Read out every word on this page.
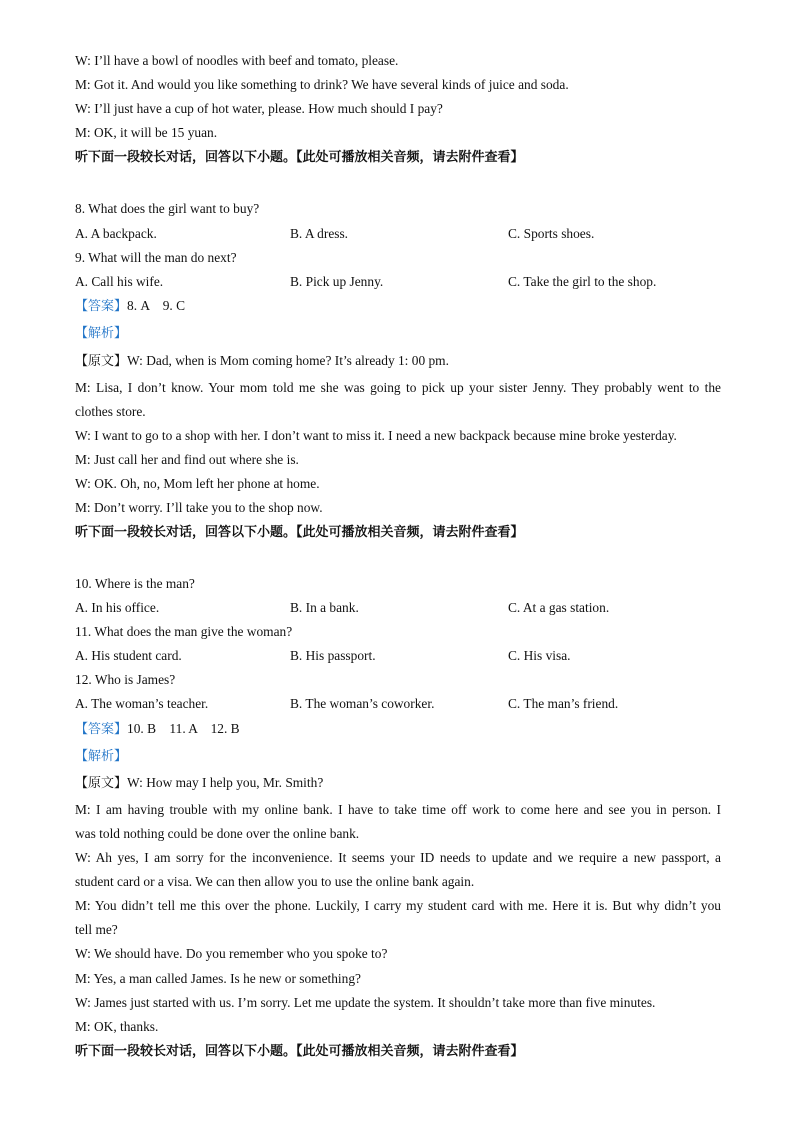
W: I’ll have a bowl of noodles with beef and tomato, please.
M: Got it. And would you like something to drink? We have several kinds of juice and soda.
W: I’ll just have a cup of hot water, please. How much should I pay?
M: OK, it will be 15 yuan.
听下面一段较长对话，回答以下小题。【此处可播放相关音频，请去附件查看】
8. What does the girl want to buy?
A. A backpack.	B. A dress.	C. Sports shoes.
9. What will the man do next?
A. Call his wife.	B. Pick up Jenny.	C. Take the girl to the shop.
【答案】8. A    9. C
【解析】
【原文】W: Dad, when is Mom coming home? It’s already 1: 00 pm.
M: Lisa, I don’t know. Your mom told me she was going to pick up your sister Jenny. They probably went to the
clothes store.
W: I want to go to a shop with her. I don’t want to miss it. I need a new backpack because mine broke yesterday.
M: Just call her and find out where she is.
W: OK. Oh, no, Mom left her phone at home.
M: Don’t worry. I’ll take you to the shop now.
听下面一段较长对话，回答以下小题。【此处可播放相关音频，请去附件查看】
10. Where is the man?
A. In his office.	B. In a bank.	C. At a gas station.
11. What does the man give the woman?
A. His student card.	B. His passport.	C. His visa.
12. Who is James?
A. The woman’s teacher.	B. The woman’s coworker.	C. The man’s friend.
【答案】10. B    11. A    12. B
【解析】
【原文】W: How may I help you, Mr. Smith?
M: I am having trouble with my online bank. I have to take time off work to come here and see you in person. I
was told nothing could be done over the online bank.
W: Ah yes, I am sorry for the inconvenience. It seems your ID needs to update and we require a new passport, a
student card or a visa. We can then allow you to use the online bank again.
M: You didn’t tell me this over the phone. Luckily, I carry my student card with me. Here it is. But why didn’t you
tell me?
W: We should have. Do you remember who you spoke to?
M: Yes, a man called James. Is he new or something?
W: James just started with us. I’m sorry. Let me update the system. It shouldn’t take more than five minutes.
M: OK, thanks.
听下面一段较长对话，回答以下小题。【此处可播放相关音频，请去附件查看】
